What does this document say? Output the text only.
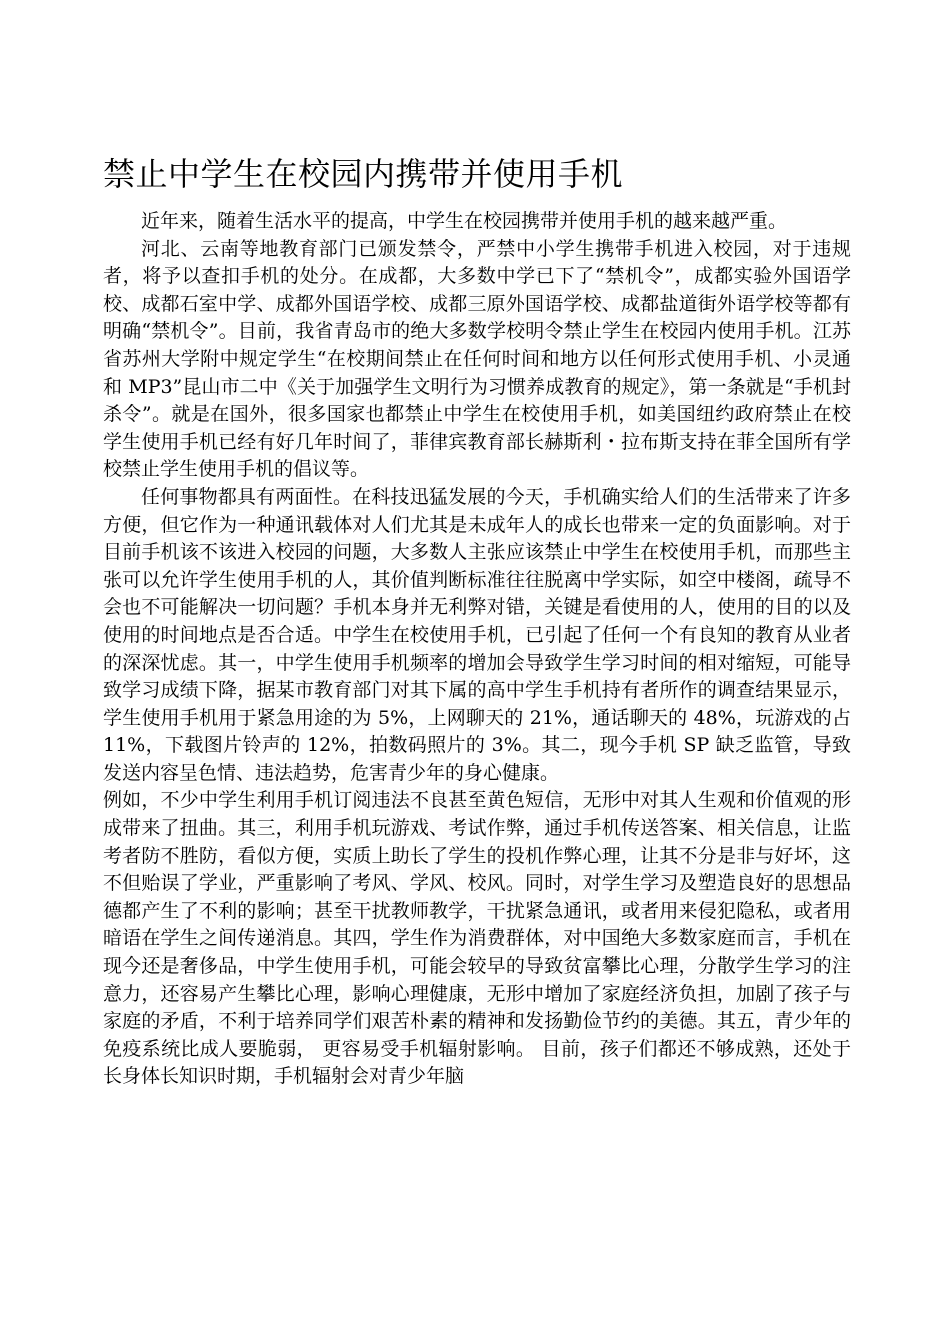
禁止中学生在校园内携带并使用手机

近年来，随着生活水平的提高，中学生在校园携带并使用手机的越来越严重。

河北、云南等地教育部门已颁发禁令，严禁中小学生携带手机进入校园，对于违规者，将予以查扣手机的处分。在成都，大多数中学已下了“禁机令”，成都实验外国语学校、成都石室中学、成都外国语学校、成都三原外国语学校、成都盐道街外语学校等都有明确“禁机令”。目前，我省青岛市的绝大多数学校明令禁止学生在校园内使用手机。江苏省苏州大学附中规定学生“在校期间禁止在任何时间和地方以任何形式使用手机、小灵通和 MP3”昆山市二中《关于加强学生文明行为习惯养成教育的规定》，第一条就是“手机封杀令”。就是在国外，很多国家也都禁止中学生在校使用手机，如美国纽约政府禁止在校学生使用手机已经有好几年时间了，菲律宾教育部长赫斯利・拉布斯支持在菲全国所有学校禁止学生使用手机的倡议等。

任何事物都具有两面性。在科技迅猛发展的今天，手机确实给人们的生活带来了许多方便，但它作为一种通讯载体对人们尤其是未成年人的成长也带来一定的负面影响。对于目前手机该不该进入校园的问题，大多数人主张应该禁止中学生在校使用手机，而那些主张可以允许学生使用手机的人，其价值判断标准往往脱离中学实际，如空中楼阁，疏导不会也不可能解决一切问题？手机本身并无利弊对错，关键是看使用的人，使用的目的以及使用的时间地点是否合适。中学生在校使用手机，已引起了任何一个有良知的教育从业者的深深忧虑。其一，中学生使用手机频率的增加会导致学生学习时间的相对缩短，可能导致学习成绩下降，据某市教育部门对其下属的高中学生手机持有者所作的调查结果显示，学生使用手机用于紧急用途的为 5%，上网聊天的 21%，通话聊天的 48%，玩游戏的占 11%，下载图片铃声的 12%，拍数码照片的 3%。其二，现今手机 SP 缺乏监管，导致发送内容呈色情、违法趋势，危害青少年的身心健康。

例如，不少中学生利用手机订阅违法不良甚至黄色短信，无形中对其人生观和价值观的形成带来了扭曲。其三，利用手机玩游戏、考试作弊，通过手机传送答案、相关信息，让监考者防不胜防，看似方便，实质上助长了学生的投机作弊心理，让其不分是非与好坏，这不但贻误了学业，严重影响了考风、学风、校风。同时，对学生学习及塑造良好的思想品德都产生了不利的影响；甚至干扰教师教学，干扰紧急通讯，或者用来侵犯隐私，或者用暗语在学生之间传递消息。其四，学生作为消费群体，对中国绝大多数家庭而言，手机在现今还是奢侈品，中学生使用手机，可能会较早的导致贫富攀比心理，分散学生学习的注意力，还容易产生攀比心理，影响心理健康，无形中增加了家庭经济负担，加剧了孩子与家庭的矛盾，不利于培养同学们艰苦朴素的精神和发扬勤俭节约的美德。其五，青少年的免疫系统比成人要脆弱， 更容易受手机辐射影响。 目前，孩子们都还不够成熟，还处于长身体长知识时期，手机辐射会对青少年脑
